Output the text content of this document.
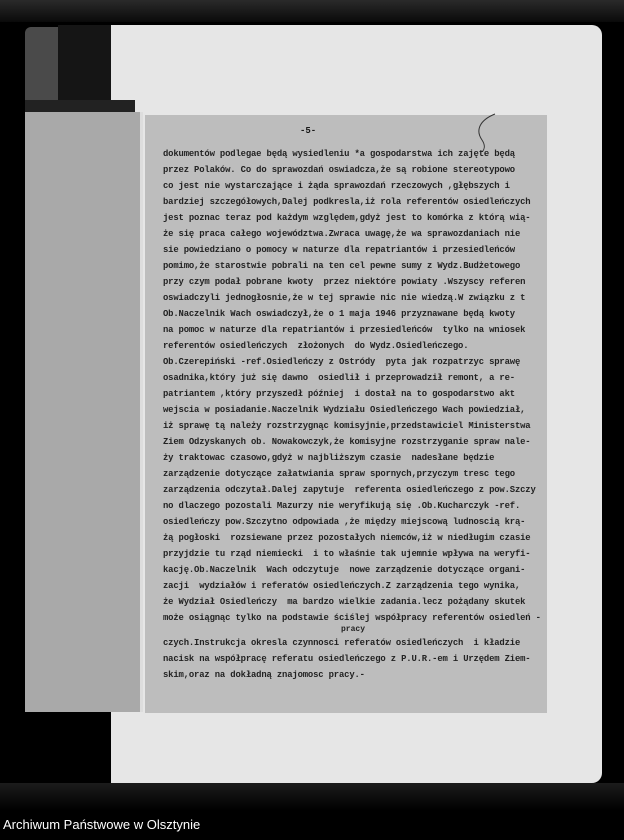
-5-
dokumentów podlegae będą wysiedleniu *a gospodarstwa ich zajęte będą
przez Polaków. Co do sprawozdań oswiadcza,że są robione stereotypowo
co jest nie wystarczające i żąda sprawozdań rzeczowych ,głębszych i
bardziej szczegółowych,Dalej podkresla,iż rola referentów osiedleńczych
jest poznac teraz pod każdym względem,gdyż jest to komórka z którą wią-
że się praca całego województwa.Zwraca uwagę,że wa sprawozdaniach nie
sie powiedziano o pomocy w naturze dla repatriantów i przesiedleńców
pomimo,że starostwie pobrali na ten cel pewne sumy z Wydz.Budżetowego
przy czym podał pobrane kwoty  przez niektóre powiaty .Wszyscy referen
oswiadczyli jednogłosnie,że w tej sprawie nic nie wiedzą.W związku z t
Ob.Naczelnik Wach oswiadczył,że o 1 maja 1946 przyznawane będą kwoty
na pomoc w naturze dla repatriantów i przesiedleńców  tylko na wniosek
referentów osiedleńczych  złożonych  do Wydz.Osiedleńczego.
Ob.Czerepiński -ref.Osiedleńczy z Ostródy  pyta jak rozpatrzyc sprawę
osadnika,który już się dawno  osiedlił i przeprowadził remont, a re-
patriantem ,który przyszedł później  i dostał na to gospodarstwo akt
wejscia w posiadanie.Naczelnik Wydziału Osiedleńczego Wach powiedział,
iż sprawę tą należy rozstrzygnąc komisyjnie,przedstawiciel Ministerstwa
Ziem Odzyskanych ob. Nowakowczyk,że komisyjne rozstrzyganie spraw nale-
ży traktowac czasowo,gdyż w najbliższym czasie  nadesłane będzie
zarządzenie dotyczące załatwiania spraw spornych,przyczym tresc tego
zarządzenia odczytał.Dalej zapytuje  referenta osiedleńczego z pow.Szczy
no dlaczego pozostali Mazurzy nie weryfikują się .Ob.Kucharczyk -ref.
osiedleńczy pow.Szczytno odpowiada ,że między miejscową ludnoscią krą-
żą pogłoski  rozsiewane przez pozostałych niemców,iż w niedługim czasie
przyjdzie tu rząd niemiecki  i to właśnie tak ujemnie wpływa na weryfi-
kację.Ob.Naczelnik  Wach odczytuje  nowe zarządzenie dotyczące organi-
zacji  wydziałów i referatów osiedleńczych.Z zarządzenia tego wynika,
że Wydział Osiedleńczy  ma bardzo wielkie zadania.lecz pożądany skutek
może osiągnąc tylko na podstawie ściślej współpracy referentów osiedleń -
czych.Instrukcja okresla czynnosci referatów osiedleńczych  i kładzie
nacisk na współpracę referatu osiedleńczego z P.U.R.-em i Urzędem Ziem-
skim,oraz na dokładną znajomosc pracy.-
pracy
Archiwum Państwowe w Olsztynie
